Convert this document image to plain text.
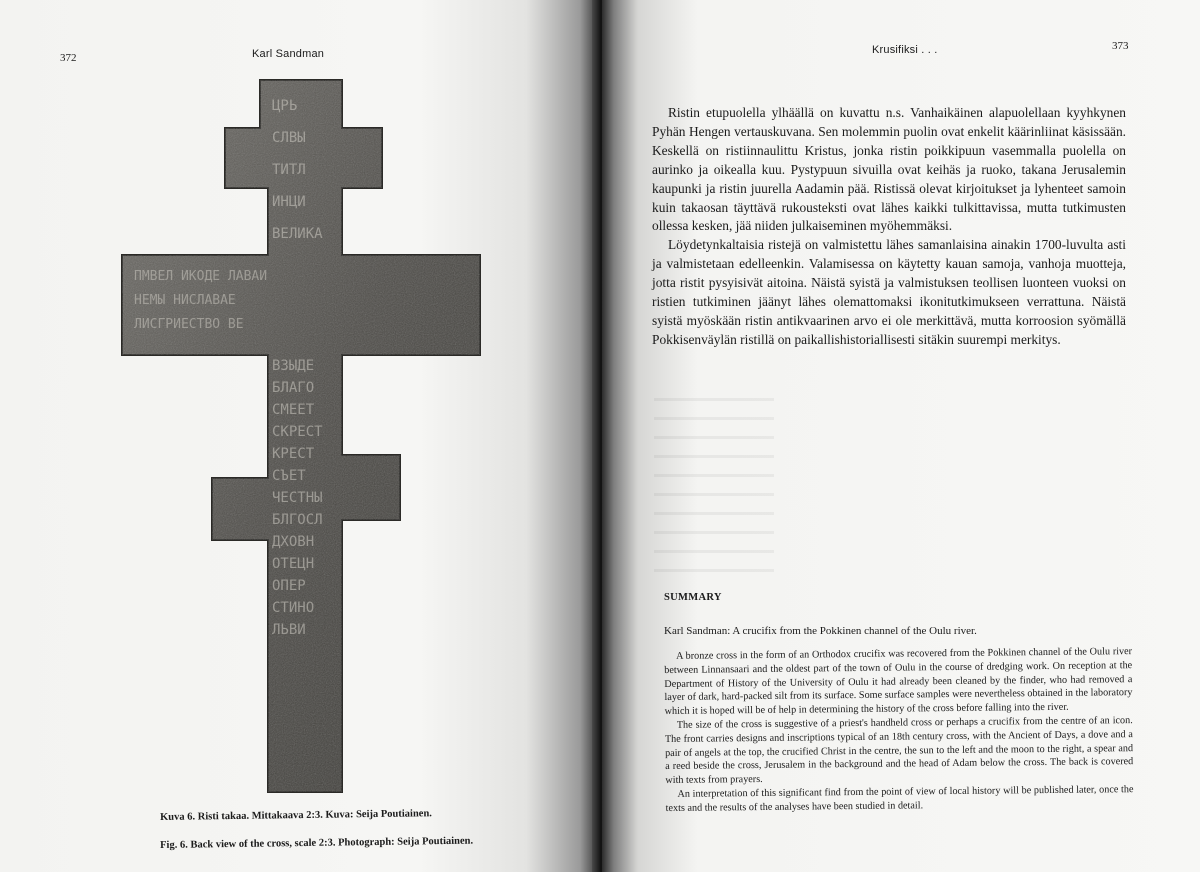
372	Karl Sandman
ПМВЕЛ ИКОДЕ ЛАВАИ
НЕМЫ НИСЛАВАЕ
ЛИСГРИЕСТВО ВЕ
ЦРЬ
СЛВЫ
ТИТЛ
ИНЦИ
ВЕЛИКА
ВЗЫДЕ
БЛАГО
СМЕЕТ
СКРЕСТ
КРЕСТ
СЪЕТ
ЧЕСТНЫ
БЛГОСЛ
ДХОВН
ОТЕЦН
ОПЕР
СТИНО
ЛЬВИ
Kuva 6. Risti takaa. Mittakaava 2:3. Kuva: Seija Poutiainen.
Fig. 6. Back view of the cross, scale 2:3. Photograph: Seija Poutiainen.
Krusifiksi . . .	373

Ristin etupuolella ylhäällä on kuvattu n.s. Vanhaikäinen alapuolellaan kyyhkynen Pyhän Hengen vertauskuvana. Sen molemmin puolin ovat enkelit käärinliinat käsissään. Keskellä on ristiinnaulittu Kristus, jonka ristin poikkipuun vasemmalla puolella on aurinko ja oikealla kuu. Pystypuun sivuilla ovat keihäs ja ruoko, takana Jerusalemin kaupunki ja ristin juurella Aadamin pää. Ristissä olevat kirjoitukset ja lyhenteet samoin kuin takaosan täyttävä rukousteksti ovat lähes kaikki tulkittavissa, mutta tutkimusten ollessa kesken, jää niiden julkaiseminen myöhemmäksi.

Löydetynkaltaisia ristejä on valmistettu lähes samanlaisina ainakin 1700-luvulta asti ja valmistetaan edelleenkin. Valamisessa on käytetty kauan samoja, vanhoja muotteja, jotta ristit pysyisivät aitoina. Näistä syistä ja valmistuksen teollisen luonteen vuoksi on ristien tutkiminen jäänyt lähes olemattomaksi ikonitutkimukseen verrattuna. Näistä syistä myöskään ristin antikvaarinen arvo ei ole merkittävä, mutta korroosion syömällä Pokkisenväylän ristillä on paikallishistoriallisesti sitäkin suurempi merkitys.

SUMMARY
Karl Sandman: A crucifix from the Pokkinen channel of the Oulu river.

A bronze cross in the form of an Orthodox crucifix was recovered from the Pokkinen channel of the Oulu river between Linnansaari and the oldest part of the town of Oulu in the course of dredging work. On reception at the Department of History of the University of Oulu it had already been cleaned by the finder, who had removed a layer of dark, hard-packed silt from its surface. Some surface samples were nevertheless obtained in the laboratory which it is hoped will be of help in determining the history of the cross before falling into the river.

The size of the cross is suggestive of a priest's handheld cross or perhaps a crucifix from the centre of an icon. The front carries designs and inscriptions typical of an 18th century cross, with the Ancient of Days, a dove and a pair of angels at the top, the crucified Christ in the centre, the sun to the left and the moon to the right, a spear and a reed beside the cross, Jerusalem in the background and the head of Adam below the cross. The back is covered with texts from prayers.

An interpretation of this significant find from the point of view of local history will be published later, once the texts and the results of the analyses have been studied in detail.
